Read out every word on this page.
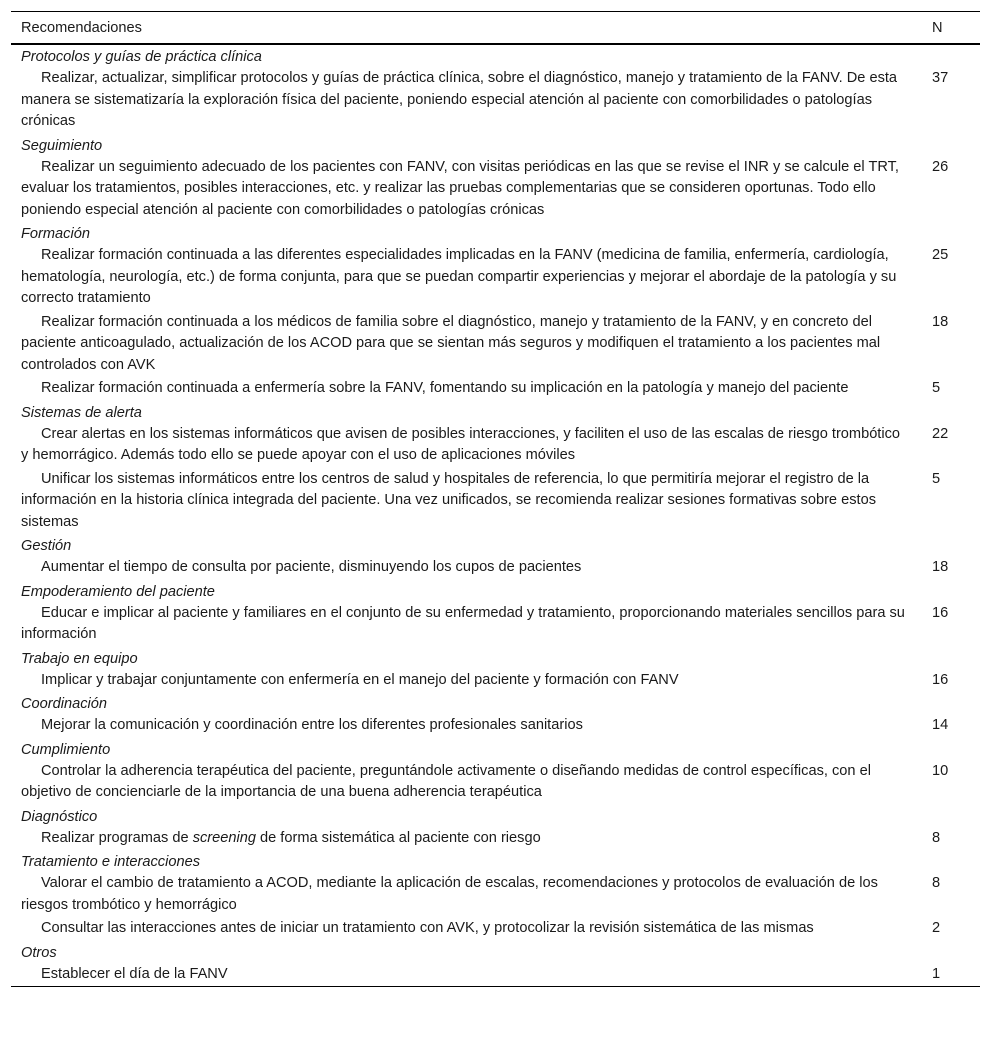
Recomendaciones	N
Protocolos y guías de práctica clínica	
Realizar, actualizar, simplificar protocolos y guías de práctica clínica, sobre el diagnóstico, manejo y tratamiento de la FANV. De esta manera se sistematizaría la exploración física del paciente, poniendo especial atención al paciente con comorbilidades o patologías crónicas	37
Seguimiento	
Realizar un seguimiento adecuado de los pacientes con FANV, con visitas periódicas en las que se revise el INR y se calcule el TRT, evaluar los tratamientos, posibles interacciones, etc. y realizar las pruebas complementarias que se consideren oportunas. Todo ello poniendo especial atención al paciente con comorbilidades o patologías crónicas	26
Formación	
Realizar formación continuada a las diferentes especialidades implicadas en la FANV (medicina de familia, enfermería, cardiología, hematología, neurología, etc.) de forma conjunta, para que se puedan compartir experiencias y mejorar el abordaje de la patología y su correcto tratamiento	25
Realizar formación continuada a los médicos de familia sobre el diagnóstico, manejo y tratamiento de la FANV, y en concreto del paciente anticoagulado, actualización de los ACOD para que se sientan más seguros y modifiquen el tratamiento a los pacientes mal controlados con AVK	18
Realizar formación continuada a enfermería sobre la FANV, fomentando su implicación en la patología y manejo del paciente	5
Sistemas de alerta	
Crear alertas en los sistemas informáticos que avisen de posibles interacciones, y faciliten el uso de las escalas de riesgo trombótico y hemorrágico. Además todo ello se puede apoyar con el uso de aplicaciones móviles	22
Unificar los sistemas informáticos entre los centros de salud y hospitales de referencia, lo que permitiría mejorar el registro de la información en la historia clínica integrada del paciente. Una vez unificados, se recomienda realizar sesiones formativas sobre estos sistemas	5
Gestión	
Aumentar el tiempo de consulta por paciente, disminuyendo los cupos de pacientes	18
Empoderamiento del paciente	
Educar e implicar al paciente y familiares en el conjunto de su enfermedad y tratamiento, proporcionando materiales sencillos para su información	16
Trabajo en equipo	
Implicar y trabajar conjuntamente con enfermería en el manejo del paciente y formación con FANV	16
Coordinación	
Mejorar la comunicación y coordinación entre los diferentes profesionales sanitarios	14
Cumplimiento	
Controlar la adherencia terapéutica del paciente, preguntándole activamente o diseñando medidas de control específicas, con el objetivo de concienciarle de la importancia de una buena adherencia terapéutica	10
Diagnóstico	
Realizar programas de screening de forma sistemática al paciente con riesgo	8
Tratamiento e interacciones	
Valorar el cambio de tratamiento a ACOD, mediante la aplicación de escalas, recomendaciones y protocolos de evaluación de los riesgos trombótico y hemorrágico	8
Consultar las interacciones antes de iniciar un tratamiento con AVK, y protocolizar la revisión sistemática de las mismas	2
Otros	
Establecer el día de la FANV	1
